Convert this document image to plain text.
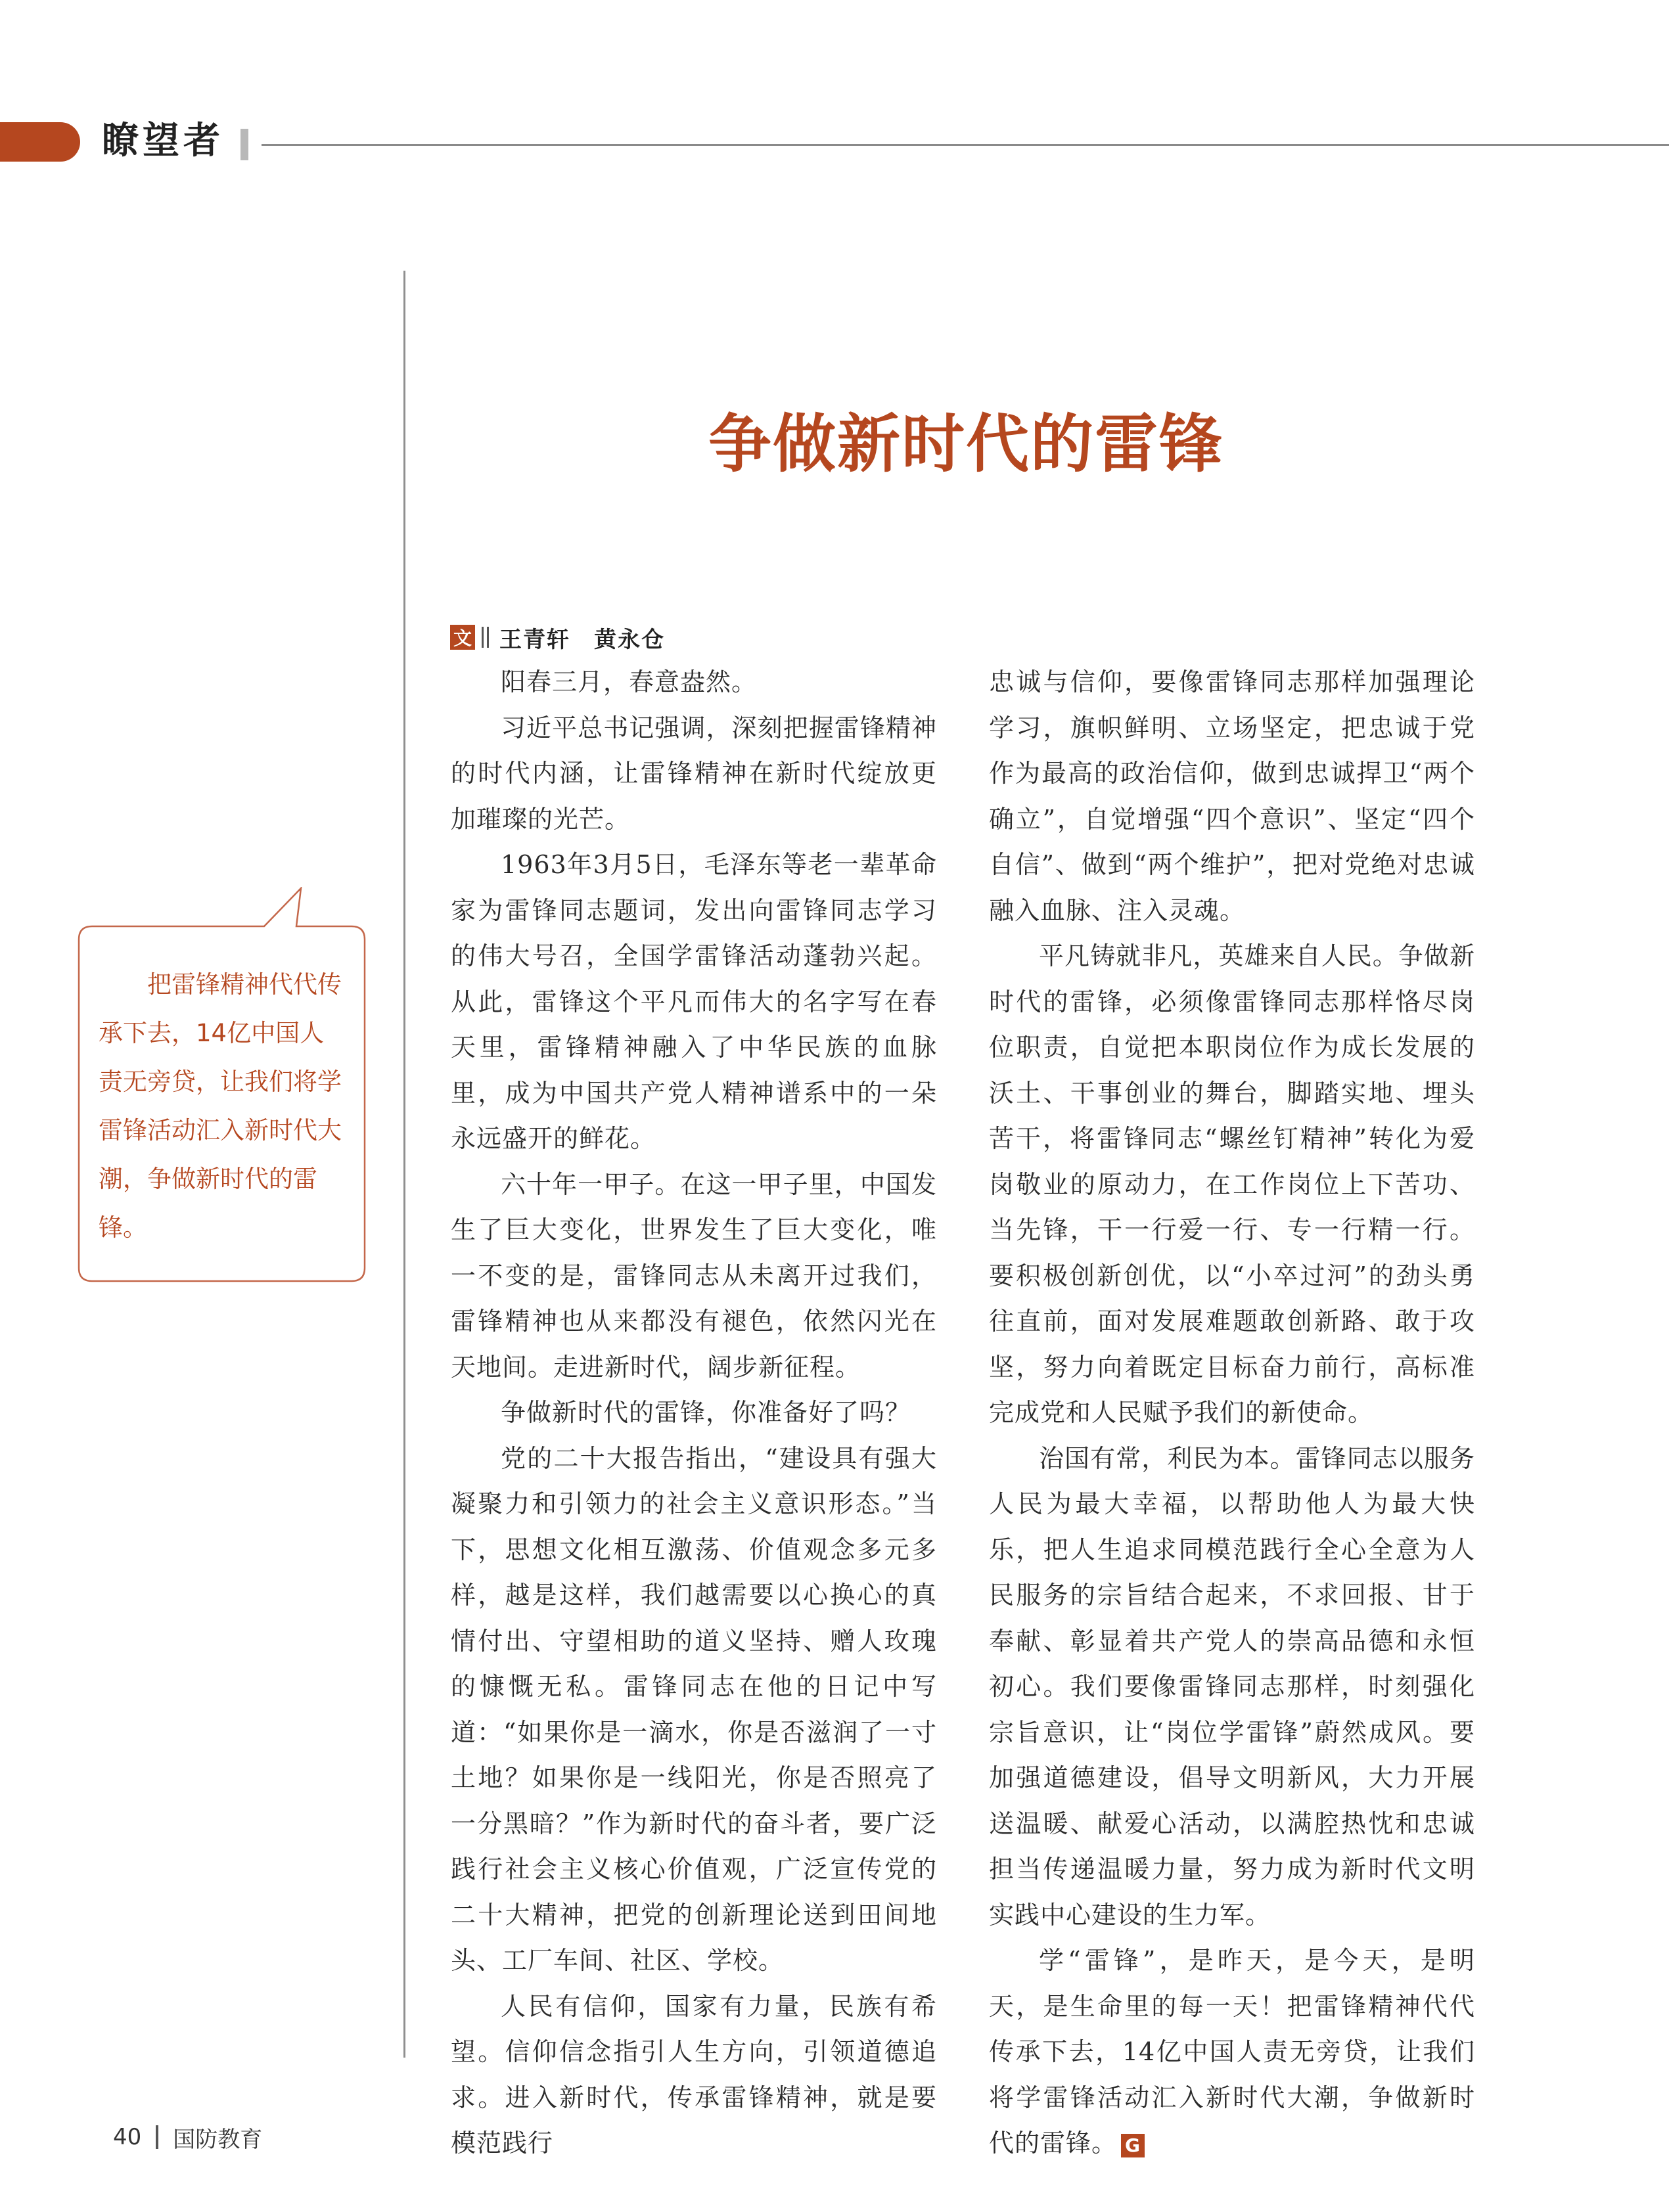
瞭望者
把雷锋精神代代传承下去，14亿中国人责无旁贷，让我们将学雷锋活动汇入新时代大潮，争做新时代的雷锋。
争做新时代的雷锋
文 王青轩　黄永仓

阳春三月，春意盎然。

习近平总书记强调，深刻把握雷锋精神的时代内涵，让雷锋精神在新时代绽放更加璀璨的光芒。

1963年3月5日，毛泽东等老一辈革命家为雷锋同志题词，发出向雷锋同志学习的伟大号召，全国学雷锋活动蓬勃兴起。从此，雷锋这个平凡而伟大的名字写在春天里，雷锋精神融入了中华民族的血脉里，成为中国共产党人精神谱系中的一朵永远盛开的鲜花。

六十年一甲子。在这一甲子里，中国发生了巨大变化，世界发生了巨大变化，唯一不变的是，雷锋同志从未离开过我们，雷锋精神也从来都没有褪色，依然闪光在天地间。走进新时代，阔步新征程。

争做新时代的雷锋，你准备好了吗？

党的二十大报告指出，“建设具有强大凝聚力和引领力的社会主义意识形态。”当下，思想文化相互激荡、价值观念多元多样，越是这样，我们越需要以心换心的真情付出、守望相助的道义坚持、赠人玫瑰的慷慨无私。雷锋同志在他的日记中写道：“如果你是一滴水，你是否滋润了一寸土地？如果你是一线阳光，你是否照亮了一分黑暗？”作为新时代的奋斗者，要广泛践行社会主义核心价值观，广泛宣传党的二十大精神，把党的创新理论送到田间地头、工厂车间、社区、学校。

人民有信仰，国家有力量，民族有希望。信仰信念指引人生方向，引领道德追求。进入新时代，传承雷锋精神，就是要模范践行

忠诚与信仰，要像雷锋同志那样加强理论学习，旗帜鲜明、立场坚定，把忠诚于党作为最高的政治信仰，做到忠诚捍卫“两个确立”，自觉增强“四个意识”、坚定“四个自信”、做到“两个维护”，把对党绝对忠诚融入血脉、注入灵魂。

平凡铸就非凡，英雄来自人民。争做新时代的雷锋，必须像雷锋同志那样恪尽岗位职责，自觉把本职岗位作为成长发展的沃土、干事创业的舞台，脚踏实地、埋头苦干，将雷锋同志“螺丝钉精神”转化为爱岗敬业的原动力，在工作岗位上下苦功、当先锋，干一行爱一行、专一行精一行。要积极创新创优，以“小卒过河”的劲头勇往直前，面对发展难题敢创新路、敢于攻坚，努力向着既定目标奋力前行，高标准完成党和人民赋予我们的新使命。

治国有常，利民为本。雷锋同志以服务人民为最大幸福，以帮助他人为最大快乐，把人生追求同模范践行全心全意为人民服务的宗旨结合起来，不求回报、甘于奉献、彰显着共产党人的崇高品德和永恒初心。我们要像雷锋同志那样，时刻强化宗旨意识，让“岗位学雷锋”蔚然成风。要加强道德建设，倡导文明新风，大力开展送温暖、献爱心活动，以满腔热忱和忠诚担当传递温暖力量，努力成为新时代文明实践中心建设的生力军。

学“雷锋”，是昨天，是今天，是明天，是生命里的每一天！把雷锋精神代代传承下去，14亿中国人责无旁贷，让我们将学雷锋活动汇入新时代大潮，争做新时代的雷锋。 G

40 国防教育
